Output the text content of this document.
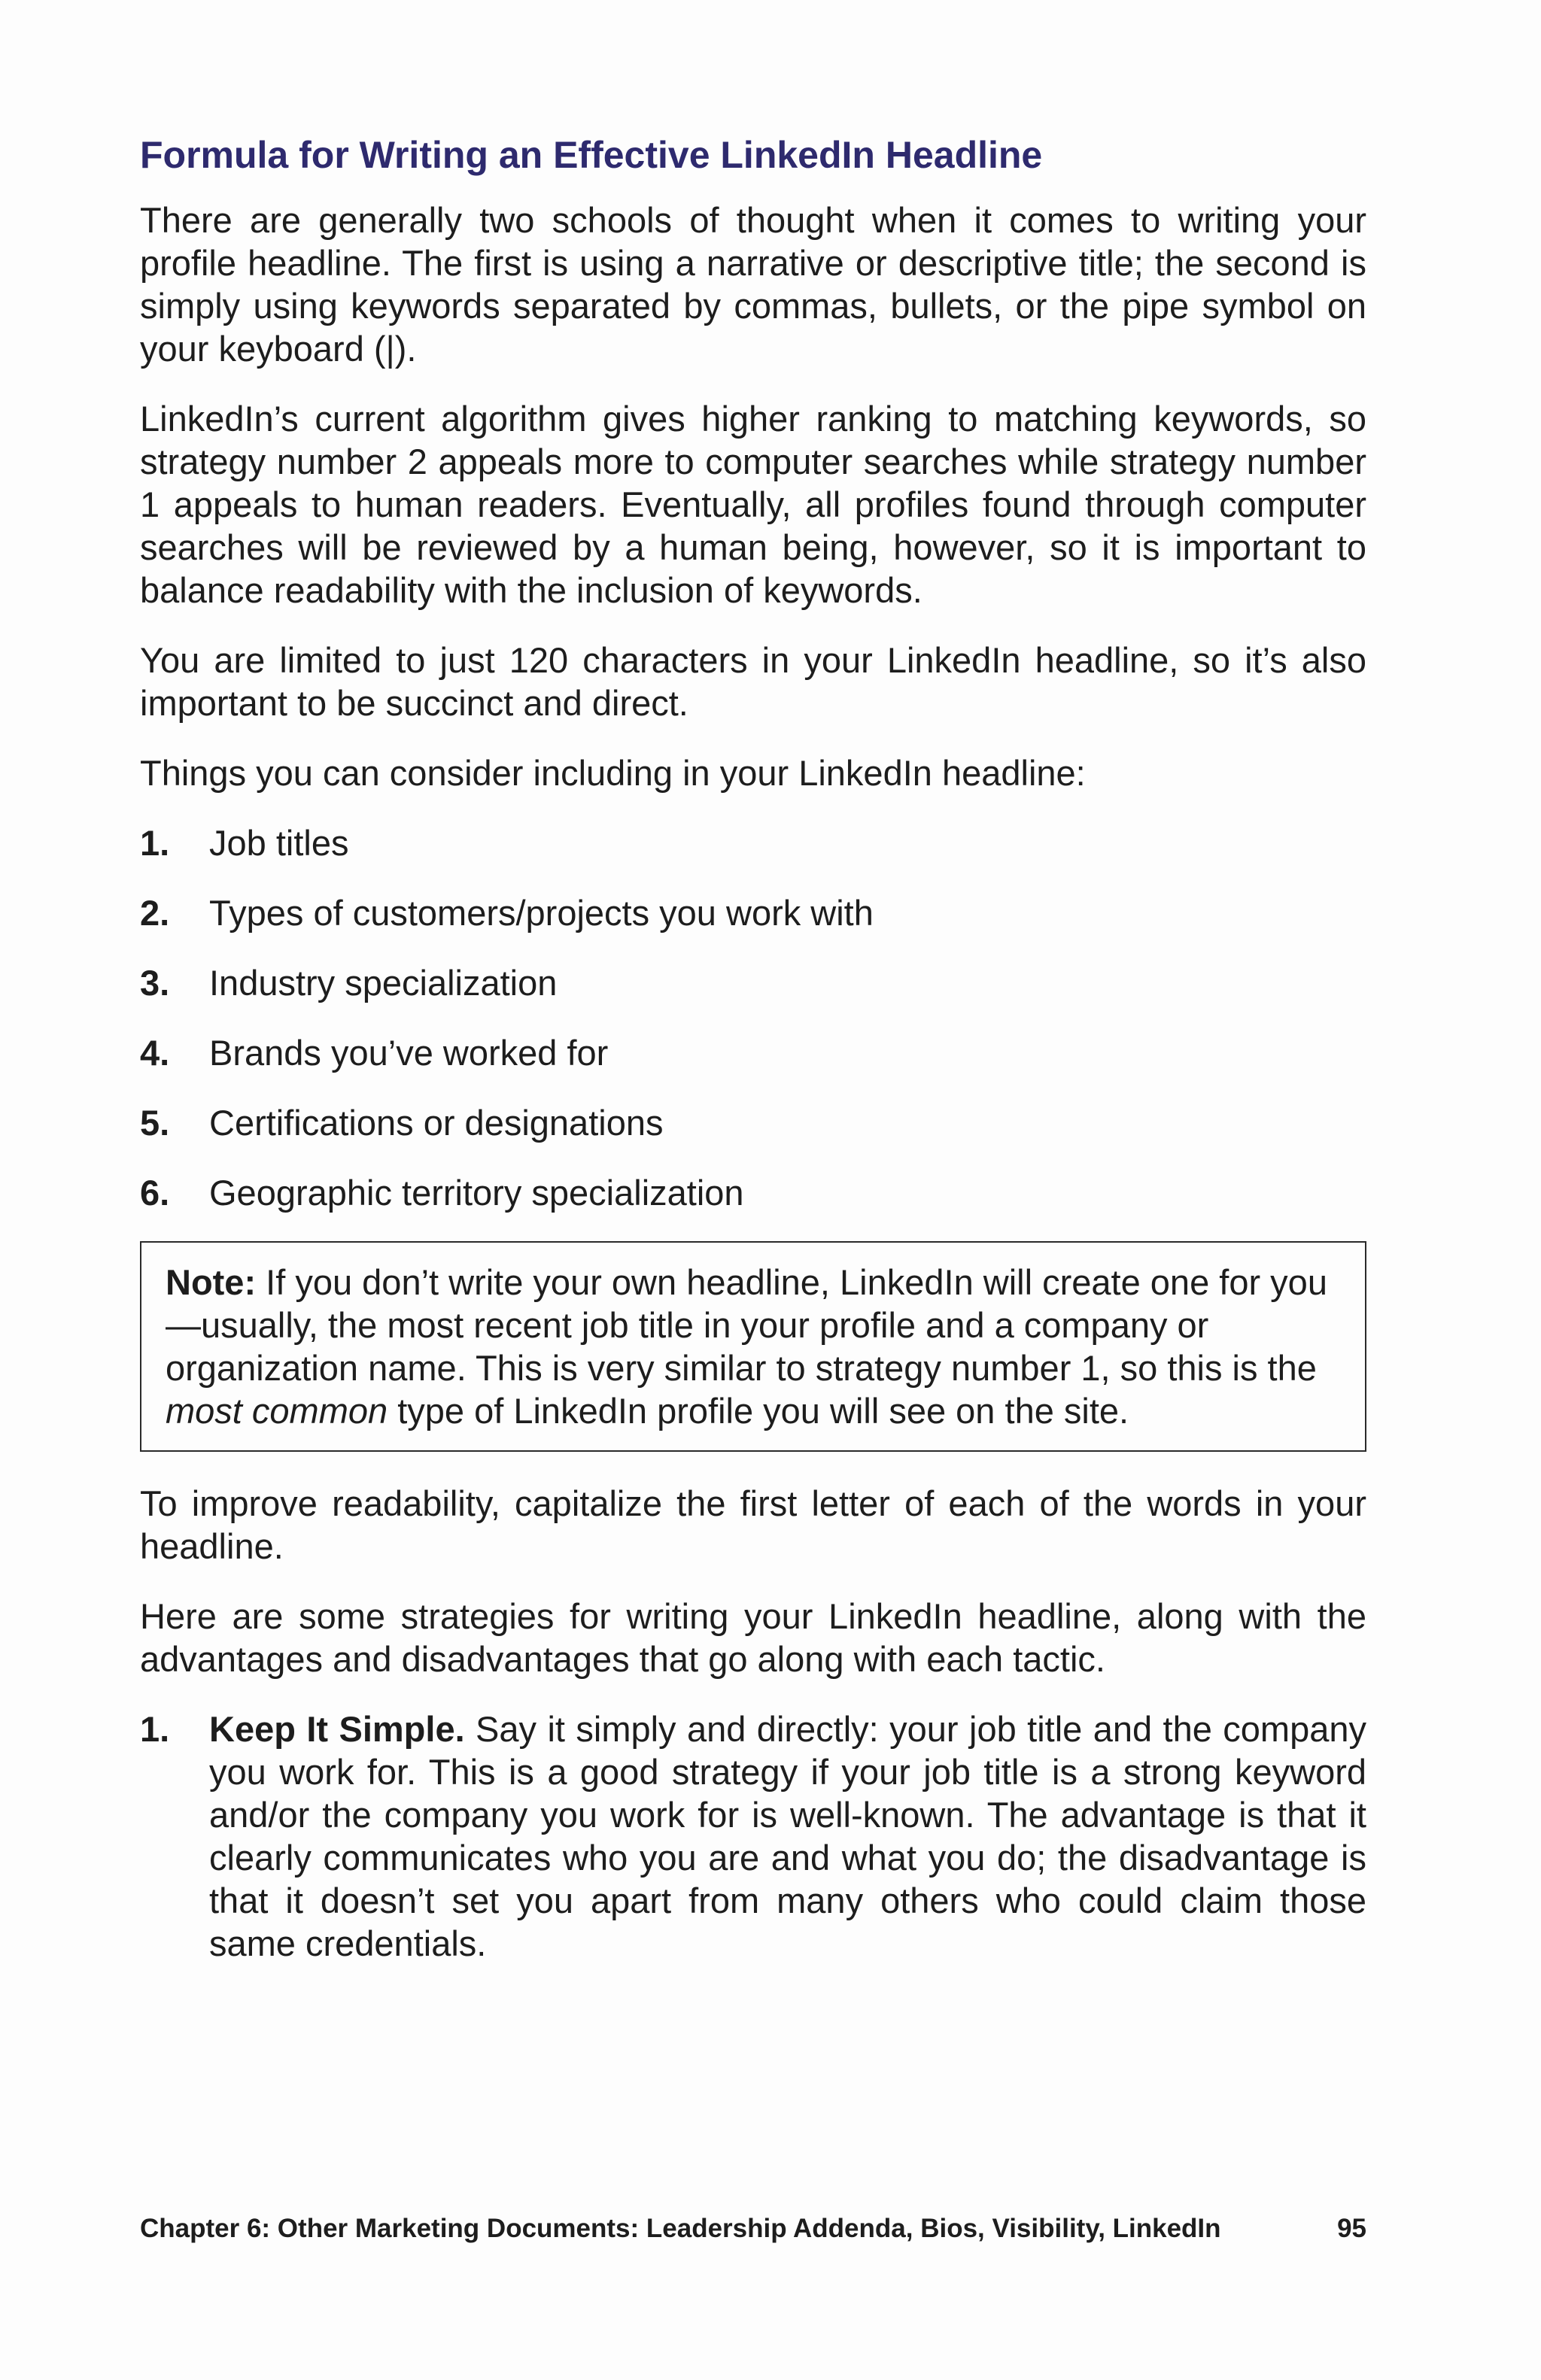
Formula for Writing an Effective LinkedIn Headline

There are generally two schools of thought when it comes to writing your profile headline. The first is using a narrative or descriptive title; the second is simply using keywords separated by commas, bullets, or the pipe symbol on your keyboard (|).

LinkedIn’s current algorithm gives higher ranking to matching keywords, so strategy number 2 appeals more to computer searches while strategy number 1 appeals to human readers. Eventually, all profiles found through computer searches will be reviewed by a human being, however, so it is important to balance readability with the inclusion of keywords.

You are limited to just 120 characters in your LinkedIn headline, so it’s also important to be succinct and direct.

Things you can consider including in your LinkedIn headline:

1.	Job titles
2.	Types of customers/projects you work with
3.	Industry specialization
4.	Brands you’ve worked for
5.	Certifications or designations
6.	Geographic territory specialization
Note: If you don’t write your own headline, LinkedIn will create one for you—usually, the most recent job title in your profile and a company or organization name. This is very similar to strategy number 1, so this is the most common type of LinkedIn profile you will see on the site.

To improve readability, capitalize the first letter of each of the words in your headline.

Here are some strategies for writing your LinkedIn headline, along with the advantages and disadvantages that go along with each tactic.

1.	Keep It Simple. Say it simply and directly: your job title and the company you work for. This is a good strategy if your job title is a strong keyword and/or the company you work for is well-known. The advantage is that it clearly communicates who you are and what you do; the disadvantage is that it doesn’t set you apart from many others who could claim those same credentials.
Chapter 6: Other Marketing Documents: Leadership Addenda, Bios, Visibility, LinkedIn	95
